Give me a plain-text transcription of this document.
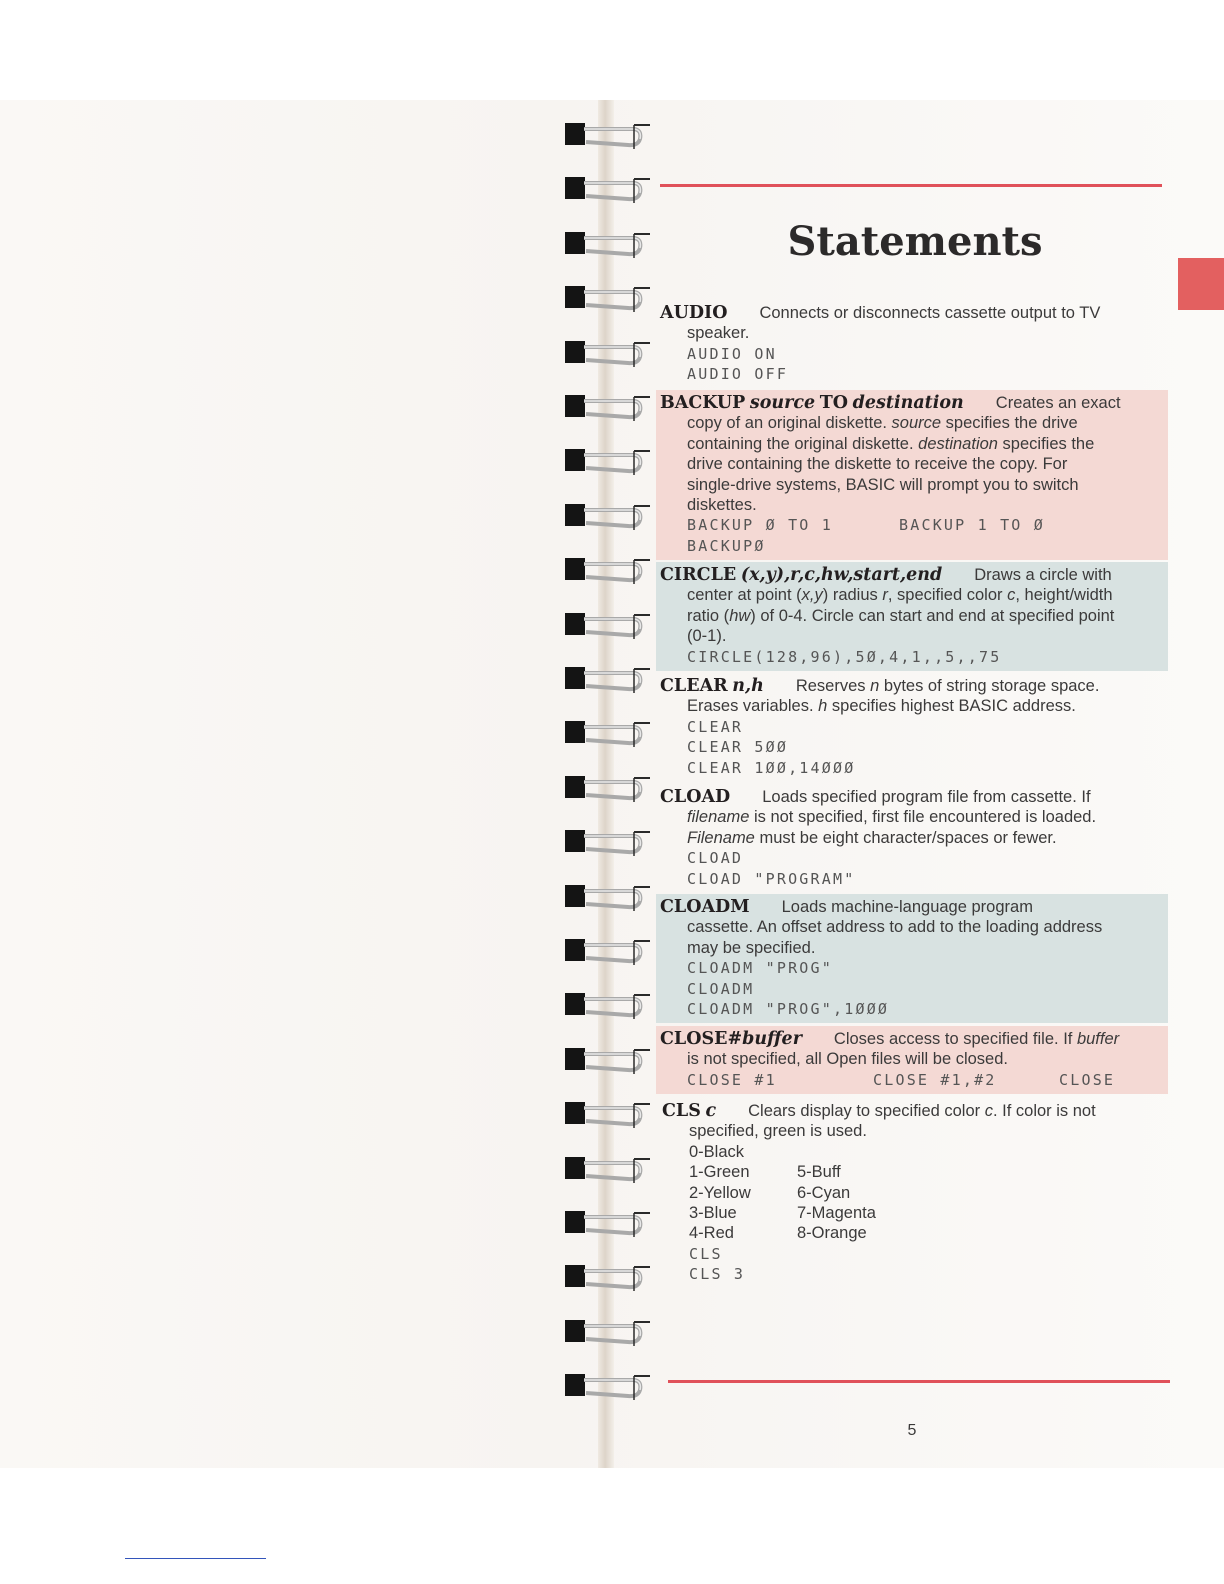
Statements
AUDIO Connects or disconnects cassette output to TV
speaker.
AUDIO ON
AUDIO OFF
BACKUP source TO destination Creates an exact
copy of an original diskette. source specifies the drive
containing the original diskette. destination specifies the
drive containing the diskette to receive the copy. For
single-drive systems, BASIC will prompt you to switch
diskettes.
BACKUP Ø TO 1	BACKUP 1 TO Ø
BACKUPØ
CIRCLE (x,y),r,c,hw,start,end Draws a circle with
center at point (x,y) radius r, specified color c, height/width
ratio (hw) of 0-4. Circle can start and end at specified point
(0-1).
CIRCLE(128,96),5Ø,4,1,,5,,75
CLEAR n,h Reserves n bytes of string storage space.
Erases variables. h specifies highest BASIC address.
CLEAR
CLEAR 5ØØ
CLEAR 1ØØ,14ØØØ
CLOAD Loads specified program file from cassette. If
filename is not specified, first file encountered is loaded.
Filename must be eight character/spaces or fewer.
CLOAD
CLOAD "PROGRAM"
CLOADM Loads machine-language program
cassette. An offset address to add to the loading address
may be specified.
CLOADM "PROG"
CLOADM
CLOADM "PROG",1ØØØ
CLOSE#buffer Closes access to specified file. If buffer
is not specified, all Open files will be closed.
CLOSE #1	CLOSE #1,#2	CLOSE
CLS c Clears display to specified color c. If color is not
specified, green is used.
0-Black
1-Green	5-Buff
2-Yellow	6-Cyan
3-Blue	7-Magenta
4-Red	8-Orange
CLS
CLS 3
5
